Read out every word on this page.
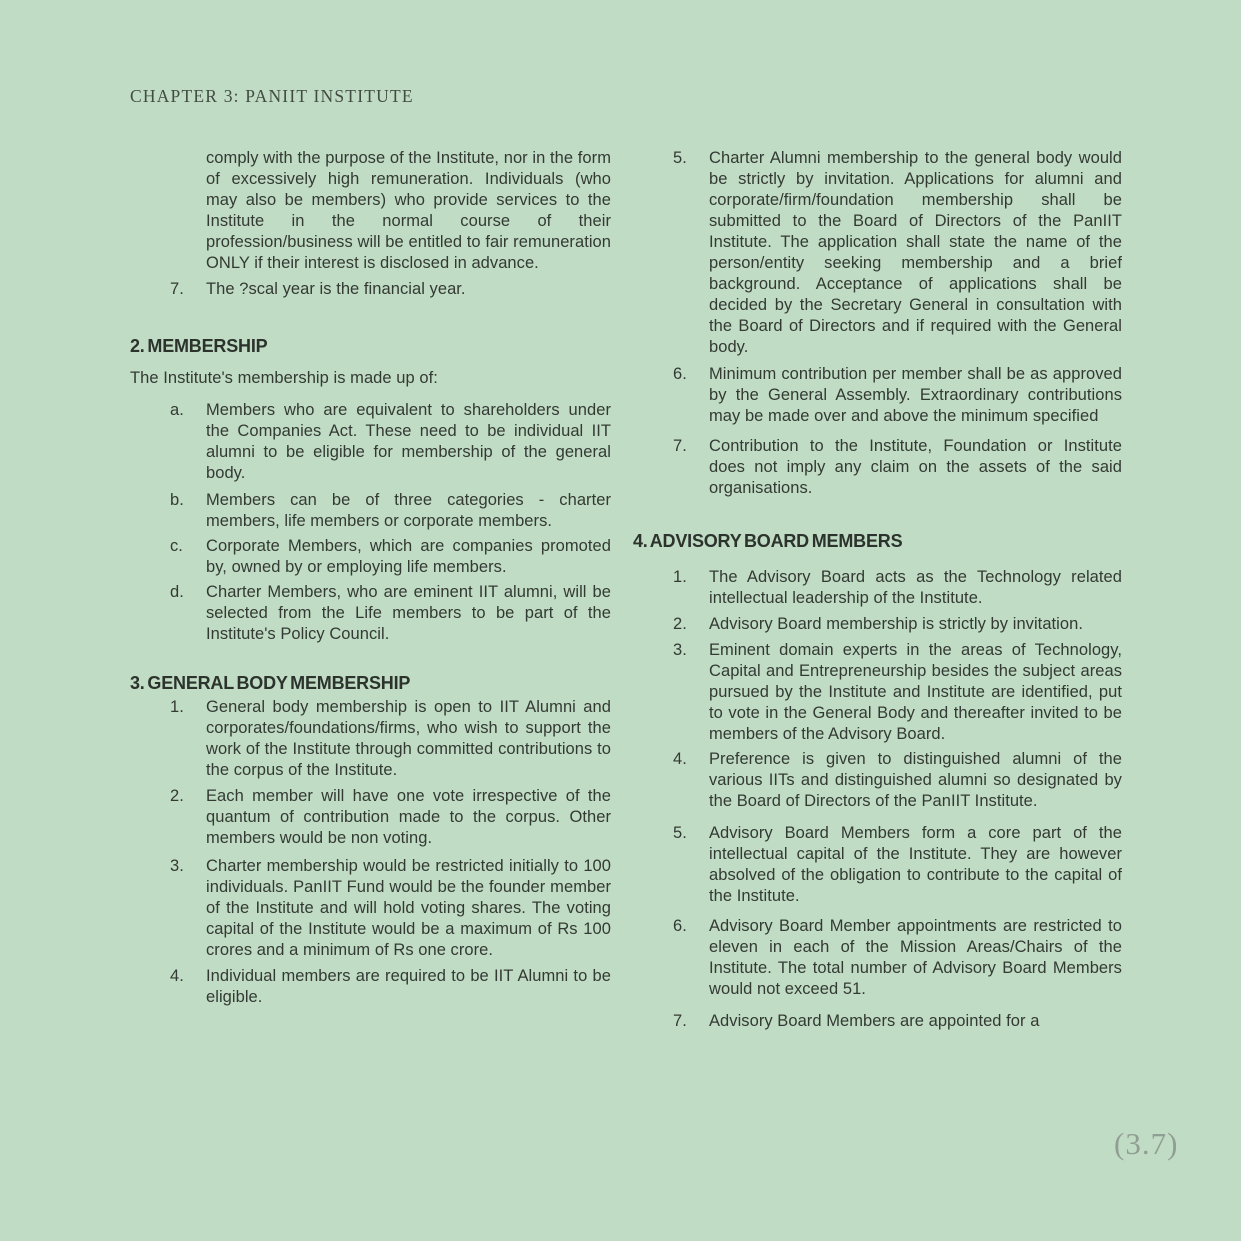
CHAPTER 3: PANIIT INSTITUTE

comply with the purpose of the Institute, nor in the form of excessively high remuneration. Individuals (who may also be members) who provide services to the Institute in the normal course of their profession/business will be entitled to fair remuneration ONLY if their interest is disclosed in advance.

7.	The ?scal year is the financial year.
2. MEMBERSHIP

The Institute's membership is made up of:

a.	Members who are equivalent to shareholders under the Companies Act. These need to be individual IIT alumni to be eligible for membership of the general body.
b.	Members can be of three categories - charter members, life members or corporate members.
c.	Corporate Members, which are companies promoted by, owned by or employing life members.
d.	Charter Members, who are eminent IIT alumni, will be selected from the Life members to be part of the Institute's Policy Council.
3. GENERAL BODY MEMBERSHIP
1.	General body membership is open to IIT Alumni and corporates/foundations/firms, who wish to support the work of the Institute through committed contributions to the corpus of the Institute.
2.	Each member will have one vote irrespective of the quantum of contribution made to the corpus. Other members would be non voting.
3.	Charter membership would be restricted initially to 100 individuals. PanIIT Fund would be the founder member of the Institute and will hold voting shares. The voting capital of the Institute would be a maximum of Rs 100 crores and a minimum of Rs one crore.
4.	Individual members are required to be IIT Alumni to be eligible.
5.	Charter Alumni membership to the general body would be strictly by invitation. Applications for alumni and corporate/firm/foundation membership shall be submitted to the Board of Directors of the PanIIT Institute. The application shall state the name of the person/entity seeking membership and a brief background. Acceptance of applications shall be decided by the Secretary General in consultation with the Board of Directors and if required with the General body.
6.	Minimum contribution per member shall be as approved by the General Assembly. Extraordinary contributions may be made over and above the minimum specified
7.	Contribution to the Institute, Foundation or Institute does not imply any claim on the assets of the said organisations.
4. ADVISORY BOARD MEMBERS
1.	The Advisory Board acts as the Technology related intellectual leadership of the Institute.
2.	Advisory Board membership is strictly by invitation.
3.	Eminent domain experts in the areas of Technology, Capital and Entrepreneurship besides the subject areas pursued by the Institute and Institute are identified, put to vote in the General Body and thereafter invited to be members of the Advisory Board.
4.	Preference is given to distinguished alumni of the various IITs and distinguished alumni so designated by the Board of Directors of the PanIIT Institute.
5.	Advisory Board Members form a core part of the intellectual capital of the Institute. They are however absolved of the obligation to contribute to the capital of the Institute.
6.	Advisory Board Member appointments are restricted to eleven in each of the Mission Areas/Chairs of the Institute. The total number of Advisory Board Members would not exceed 51.
7.	Advisory Board Members are appointed for a
(3.7)
